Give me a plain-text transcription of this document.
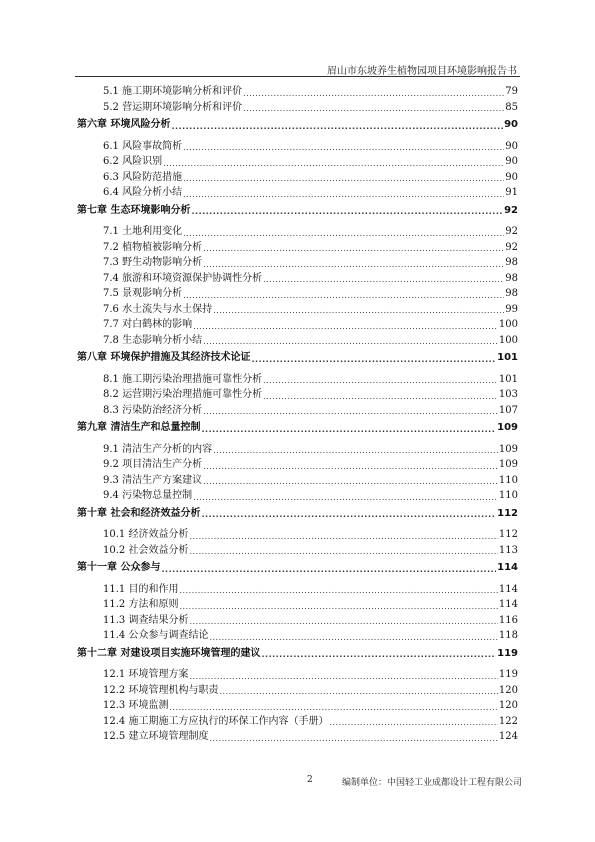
眉山市东坡养生植物园项目环境影响报告书
5.1 施工期环境影响分析和评价 .....	79
5.2 营运期环境影响分析和评价 .....	85
第六章 环境风险分析 .....	90
6.1 风险事故简析 .....	90
6.2 风险识别 .....	90
6.3 风险防范措施 .....	90
6.4 风险分析小结 .....	91
第七章 生态环境影响分析 .....	92
7.1 土地利用变化 .....	92
7.2 植物植被影响分析 .....	92
7.3 野生动物影响分析 .....	98
7.4 旅游和环境资源保护协调性分析 .....	98
7.5 景观影响分析 .....	98
7.6 水土流失与水土保持 .....	99
7.7 对白鹤林的影响 .....	100
7.8 生态影响分析小结 .....	100
第八章 环境保护措施及其经济技术论证 .....	101
8.1 施工期污染治理措施可靠性分析 .....	101
8.2 运营期污染治理措施可靠性分析 .....	103
8.3 污染防治经济分析 .....	107
第九章 清洁生产和总量控制 .....	109
9.1 清洁生产分析的内容 .....	109
9.2 项目清洁生产分析 .....	109
9.3 清洁生产方案建议 .....	110
9.4 污染物总量控制 .....	110
第十章 社会和经济效益分析 .....	112
10.1 经济效益分析 .....	112
10.2 社会效益分析 .....	113
第十一章 公众参与 .....	114
11.1 目的和作用 .....	114
11.2 方法和原则 .....	114
11.3 调查结果分析 .....	116
11.4 公众参与调查结论 .....	118
第十二章 对建设项目实施环境管理的建议 .....	119
12.1 环境管理方案 .....	119
12.2 环境管理机构与职责 .....	120
12.3 环境监测 .....	120
12.4 施工期施工方应执行的环保工作内容（手册） .....	122
12.5 建立环境管理制度 .....	124
2	编制单位：中国轻工业成都设计工程有限公司
